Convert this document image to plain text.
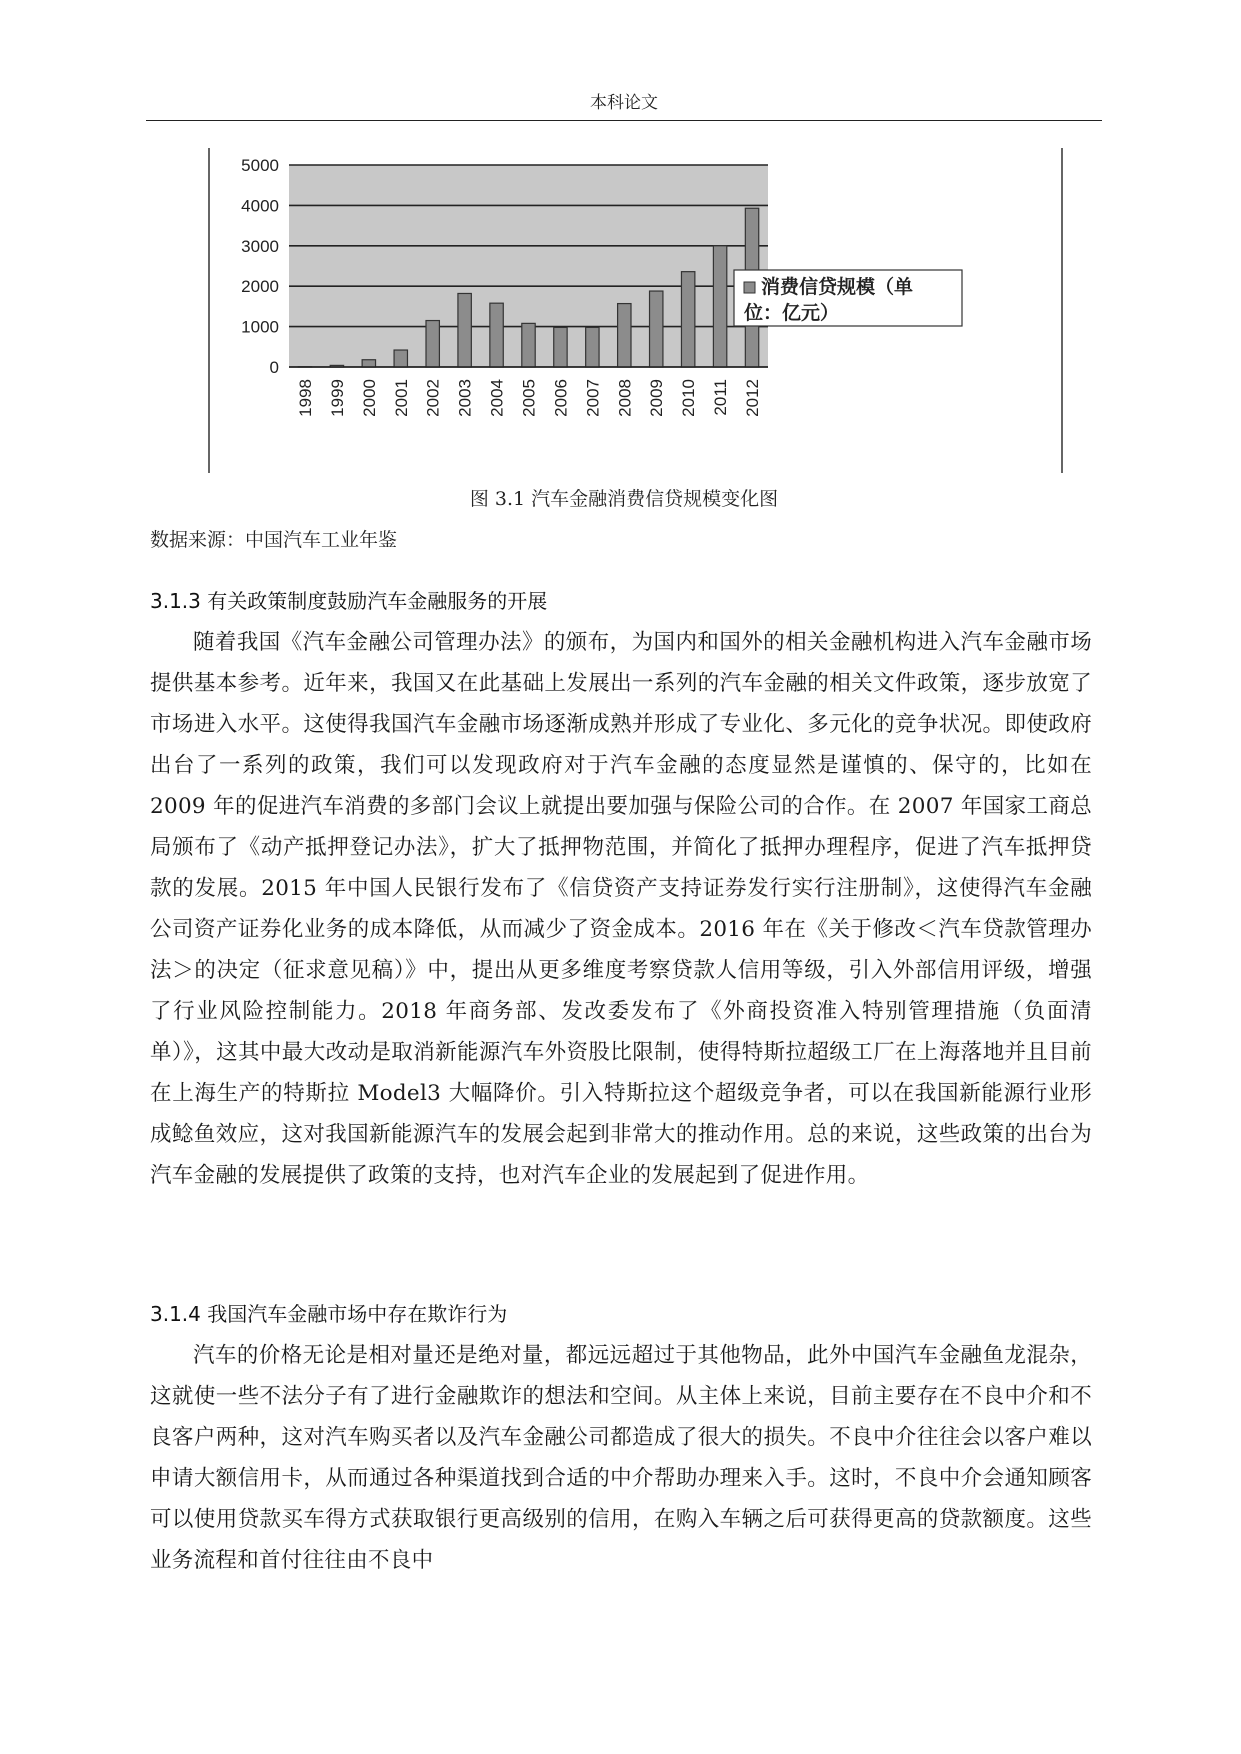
本科论文
0
1000
2000
3000
4000
5000
1998 1999 2000 2001 2002 2003 2004 2005 2006 2007 2008 2009 2010 2011 2012
消费信贷规模（单
位：亿元）
图 3.1 汽车金融消费信贷规模变化图
数据来源：中国汽车工业年鉴
3.1.3 有关政策制度鼓励汽车金融服务的开展
随着我国《汽车金融公司管理办法》的颁布，为国内和国外的相关金融机构进入汽车金融市场提供基本参考。近年来，我国又在此基础上发展出一系列的汽车金融的相关文件政策，逐步放宽了市场进入水平。这使得我国汽车金融市场逐渐成熟并形成了专业化、多元化的竞争状况。即使政府出台了一系列的政策，我们可以发现政府对于汽车金融的态度显然是谨慎的、保守的，比如在 2009 年的促进汽车消费的多部门会议上就提出要加强与保险公司的合作。在 2007 年国家工商总局颁布了《动产抵押登记办法》，扩大了抵押物范围，并简化了抵押办理程序，促进了汽车抵押贷款的发展。2015 年中国人民银行发布了《信贷资产支持证券发行实行注册制》，这使得汽车金融公司资产证券化业务的成本降低，从而减少了资金成本。2016 年在《关于修改＜汽车贷款管理办法＞的决定（征求意见稿）》中，提出从更多维度考察贷款人信用等级，引入外部信用评级，增强了行业风险控制能力。2018 年商务部、发改委发布了《外商投资准入特别管理措施（负面清单）》，这其中最大改动是取消新能源汽车外资股比限制，使得特斯拉超级工厂在上海落地并且目前在上海生产的特斯拉 Model3 大幅降价。引入特斯拉这个超级竞争者，可以在我国新能源行业形成鲶鱼效应，这对我国新能源汽车的发展会起到非常大的推动作用。总的来说，这些政策的出台为汽车金融的发展提供了政策的支持，也对汽车企业的发展起到了促进作用。
3.1.4 我国汽车金融市场中存在欺诈行为
汽车的价格无论是相对量还是绝对量，都远远超过于其他物品，此外中国汽车金融鱼龙混杂，这就使一些不法分子有了进行金融欺诈的想法和空间。从主体上来说，目前主要存在不良中介和不良客户两种，这对汽车购买者以及汽车金融公司都造成了很大的损失。不良中介往往会以客户难以申请大额信用卡，从而通过各种渠道找到合适的中介帮助办理来入手。这时，不良中介会通知顾客可以使用贷款买车得方式获取银行更高级别的信用，在购入车辆之后可获得更高的贷款额度。这些业务流程和首付往往由不良中
